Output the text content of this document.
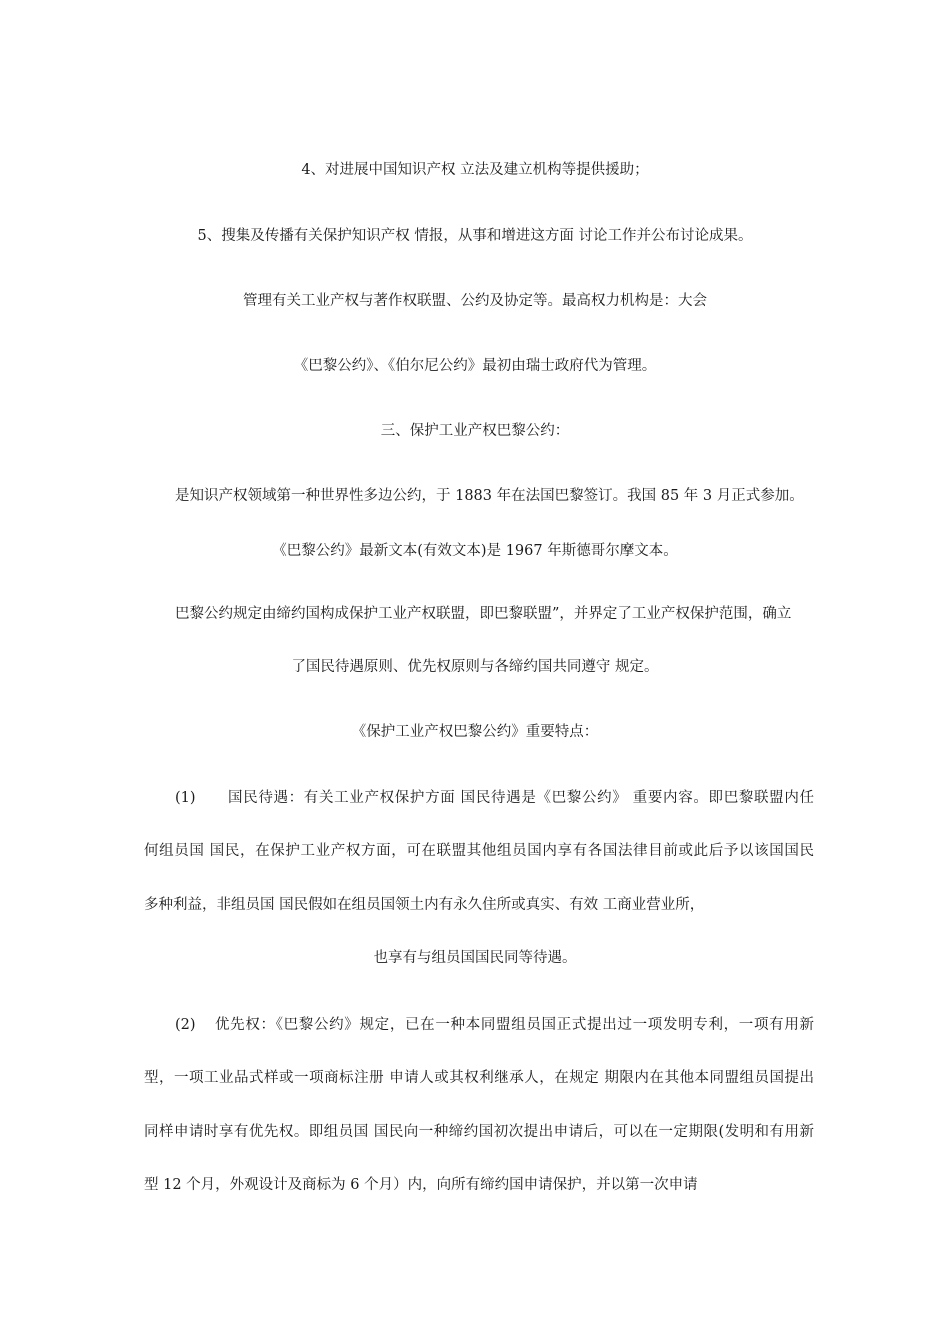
4、对进展中国知识产权 立法及建立机构等提供援助；
5、搜集及传播有关保护知识产权 情报，从事和增进这方面 讨论工作并公布讨论成果。
管理有关工业产权与著作权联盟、公约及协定等。最高权力机构是：大会
《巴黎公约》、《伯尔尼公约》最初由瑞士政府代为管理。
三、保护工业产权巴黎公约：
是知识产权领域第一种世界性多边公约，于 1883 年在法国巴黎签订。我国 85 年 3 月正式参加。
《巴黎公约》最新文本(有效文本)是 1967 年斯德哥尔摩文本。
巴黎公约规定由缔约国构成保护工业产权联盟，即巴黎联盟”，并界定了工业产权保护范围，确立
了国民待遇原则、优先权原则与各缔约国共同遵守 规定。
《保护工业产权巴黎公约》重要特点：
(1) 国民待遇：有关工业产权保护方面 国民待遇是《巴黎公约》 重要内容。即巴黎联盟内任
何组员国 国民，在保护工业产权方面，可在联盟其他组员国内享有各国法律目前或此后予以该国国民
多种利益，非组员国 国民假如在组员国领土内有永久住所或真实、有效 工商业营业所，
也享有与组员国国民同等待遇。
(2) 优先权：《巴黎公约》规定，已在一种本同盟组员国正式提出过一项发明专利，一项有用新
型，一项工业品式样或一项商标注册 申请人或其权利继承人，在规定 期限内在其他本同盟组员国提出
同样申请时享有优先权。即组员国 国民向一种缔约国初次提出申请后，可以在一定期限(发明和有用新
型 12 个月，外观设计及商标为 6 个月）内，向所有缔约国申请保护，并以第一次申请
